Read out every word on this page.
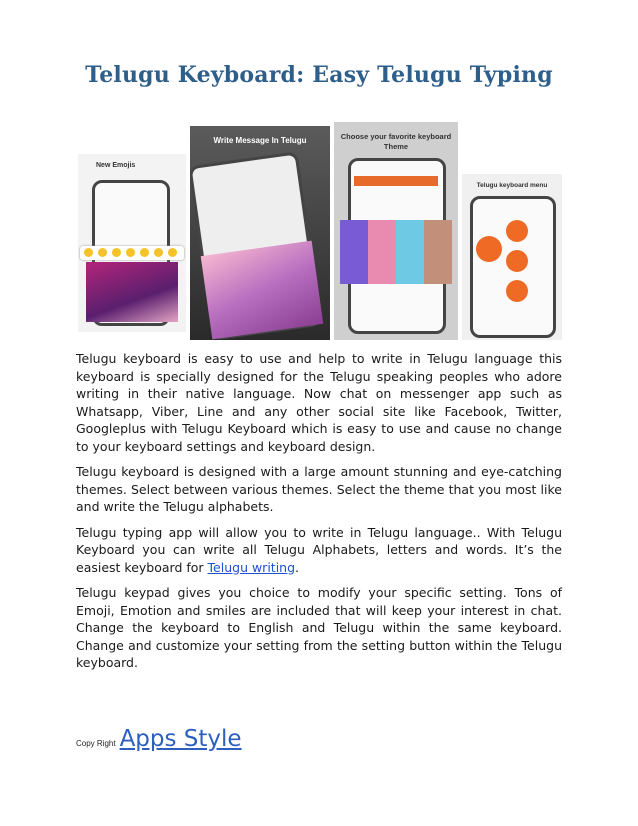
Telugu Keyboard: Easy Telugu Typing
New Emojis
Write Message In Telugu	Choose your favorite keyboard Theme
Telugu keyboard menu

Telugu keyboard is easy to use and help to write in Telugu language this keyboard is specially designed for the Telugu speaking peoples who adore writing in their native language. Now chat on messenger app such as Whatsapp, Viber, Line and any other social site like Facebook, Twitter, Googleplus with Telugu Keyboard which is easy to use and cause no change to your keyboard settings and keyboard design.

Telugu keyboard is designed with a large amount stunning and eye-catching themes. Select between various themes. Select the theme that you most like and write the Telugu alphabets.

Telugu typing app will allow you to write in Telugu language.. With Telugu Keyboard you can write all Telugu Alphabets, letters and words. It’s the easiest keyboard for Telugu writing.

Telugu keypad gives you choice to modify your specific setting. Tons of Emoji, Emotion and smiles are included that will keep your interest in chat. Change the keyboard to English and Telugu within the same keyboard. Change and customize your setting from the setting button within the Telugu keyboard.

Copy Right Apps Style
